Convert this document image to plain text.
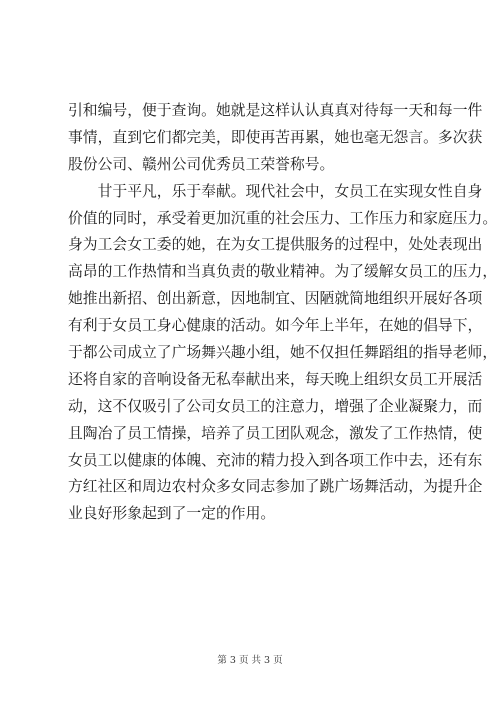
引和编号，便于查询。她就是这样认认真真对待每一天和每一件
事情，直到它们都完美，即使再苦再累，她也毫无怨言。多次获
股份公司、赣州公司优秀员工荣誉称号。
　　甘于平凡，乐于奉献。现代社会中，女员工在实现女性自身
价值的同时，承受着更加沉重的社会压力、工作压力和家庭压力。
身为工会女工委的她，在为女工提供服务的过程中，处处表现出
高昂的工作热情和当真负责的敬业精神。为了缓解女员工的压力，
她推出新招、创出新意，因地制宜、因陋就简地组织开展好各项
有利于女员工身心健康的活动。如今年上半年，在她的倡导下，
于都公司成立了广场舞兴趣小组，她不仅担任舞蹈组的指导老师，
还将自家的音响设备无私奉献出来，每天晚上组织女员工开展活
动，这不仅吸引了公司女员工的注意力，增强了企业凝聚力，而
且陶冶了员工情操，培养了员工团队观念，激发了工作热情，使
女员工以健康的体魄、充沛的精力投入到各项工作中去，还有东
方红社区和周边农村众多女同志参加了跳广场舞活动，为提升企
业良好形象起到了一定的作用。
第 3 页 共 3 页
